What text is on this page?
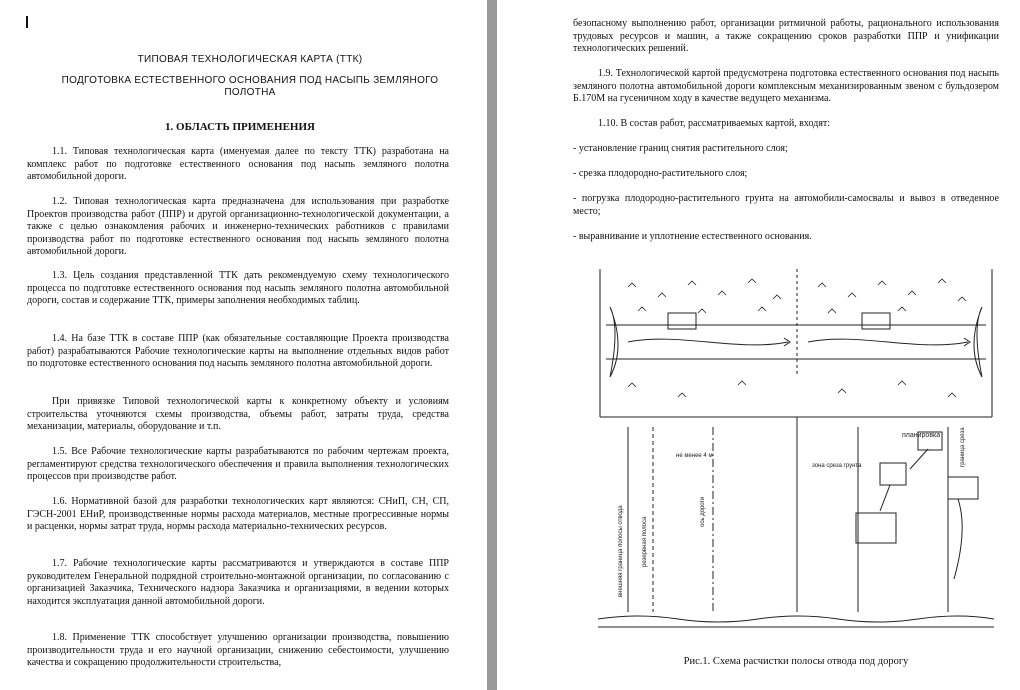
ТИПОВАЯ ТЕХНОЛОГИЧЕСКАЯ КАРТА (ТТК)
ПОДГОТОВКА ЕСТЕСТВЕННОГО ОСНОВАНИЯ ПОД НАСЫПЬ ЗЕМЛЯНОГО ПОЛОТНА
1. ОБЛАСТЬ ПРИМЕНЕНИЯ

1.1. Типовая технологическая карта (именуемая далее по тексту ТТК) разработана на комплекс работ по подготовке естественного основания под насыпь земляного полотна автомобильной дороги.

1.2. Типовая технологическая карта предназначена для использования при разработке Проектов производства работ (ППР) и другой организационно-технологической документации, а также с целью ознакомления рабочих и инженерно-технических работников с правилами производства работ по подготовке естественного основания под насыпь земляного полотна автомобильной дороги.

1.3. Цель создания представленной ТТК дать рекомендуемую схему технологического процесса по подготовке естественного основания под насыпь земляного полотна автомобильной дороги, состав и содержание ТТК, примеры заполнения необходимых таблиц.

1.4. На базе ТТК в составе ППР (как обязательные составляющие Проекта производства работ) разрабатываются Рабочие технологические карты на выполнение отдельных видов работ по подготовке естественного основания под насыпь земляного полотна автомобильной дороги.

При привязке Типовой технологической карты к конкретному объекту и условиям строительства уточняются схемы производства, объемы работ, затраты труда, средства механизации, материалы, оборудование и т.п.

1.5. Все Рабочие технологические карты разрабатываются по рабочим чертежам проекта, регламентируют средства технологического обеспечения и правила выполнения технологических процессов при производстве работ.

1.6. Нормативной базой для разработки технологических карт являются: СНиП, СН, СП, ГЭСН-2001 ЕНиР, производственные нормы расхода материалов, местные прогрессивные нормы и расценки, нормы затрат труда, нормы расхода материально-технических ресурсов.

1.7. Рабочие технологические карты рассматриваются и утверждаются в составе ППР руководителем Генеральной подрядной строительно-монтажной организации, по согласованию с организацией Заказчика, Технического надзора Заказчика и организациями, в ведении которых находится эксплуатация данной автомобильной дороги.

1.8. Применение ТТК способствует улучшению организации производства, повышению производительности труда и его научной организации, снижению себестоимости, улучшению качества и сокращению продолжительности строительства,

безопасному выполнению работ, организации ритмичной работы, рационального использования трудовых ресурсов и машин, а также сокращению сроков разработки ППР и унификации технологических решений.

1.9. Технологической картой предусмотрена подготовка естественного основания под насыпь земляного полотна автомобильной дороги комплексным механизированным звеном с бульдозером Б.170М на гусеничном ходу в качестве ведущего механизма.

1.10. В состав работ, рассматриваемых картой, входят:

- установление границ снятия растительного слоя;

- срезка плодородно-растительного слоя;

- погрузка плодородно-растительного грунта на автомобили-самосвалы и вывоз в отведенное место;

- выравнивание и уплотнение естественного основания.

планировка
не менее 4 м
зона среза грунта
резервная полоса
ось дороги
внешняя граница полосы отвода
граница среза
Рис.1. Схема расчистки полосы отвода под дорогу
